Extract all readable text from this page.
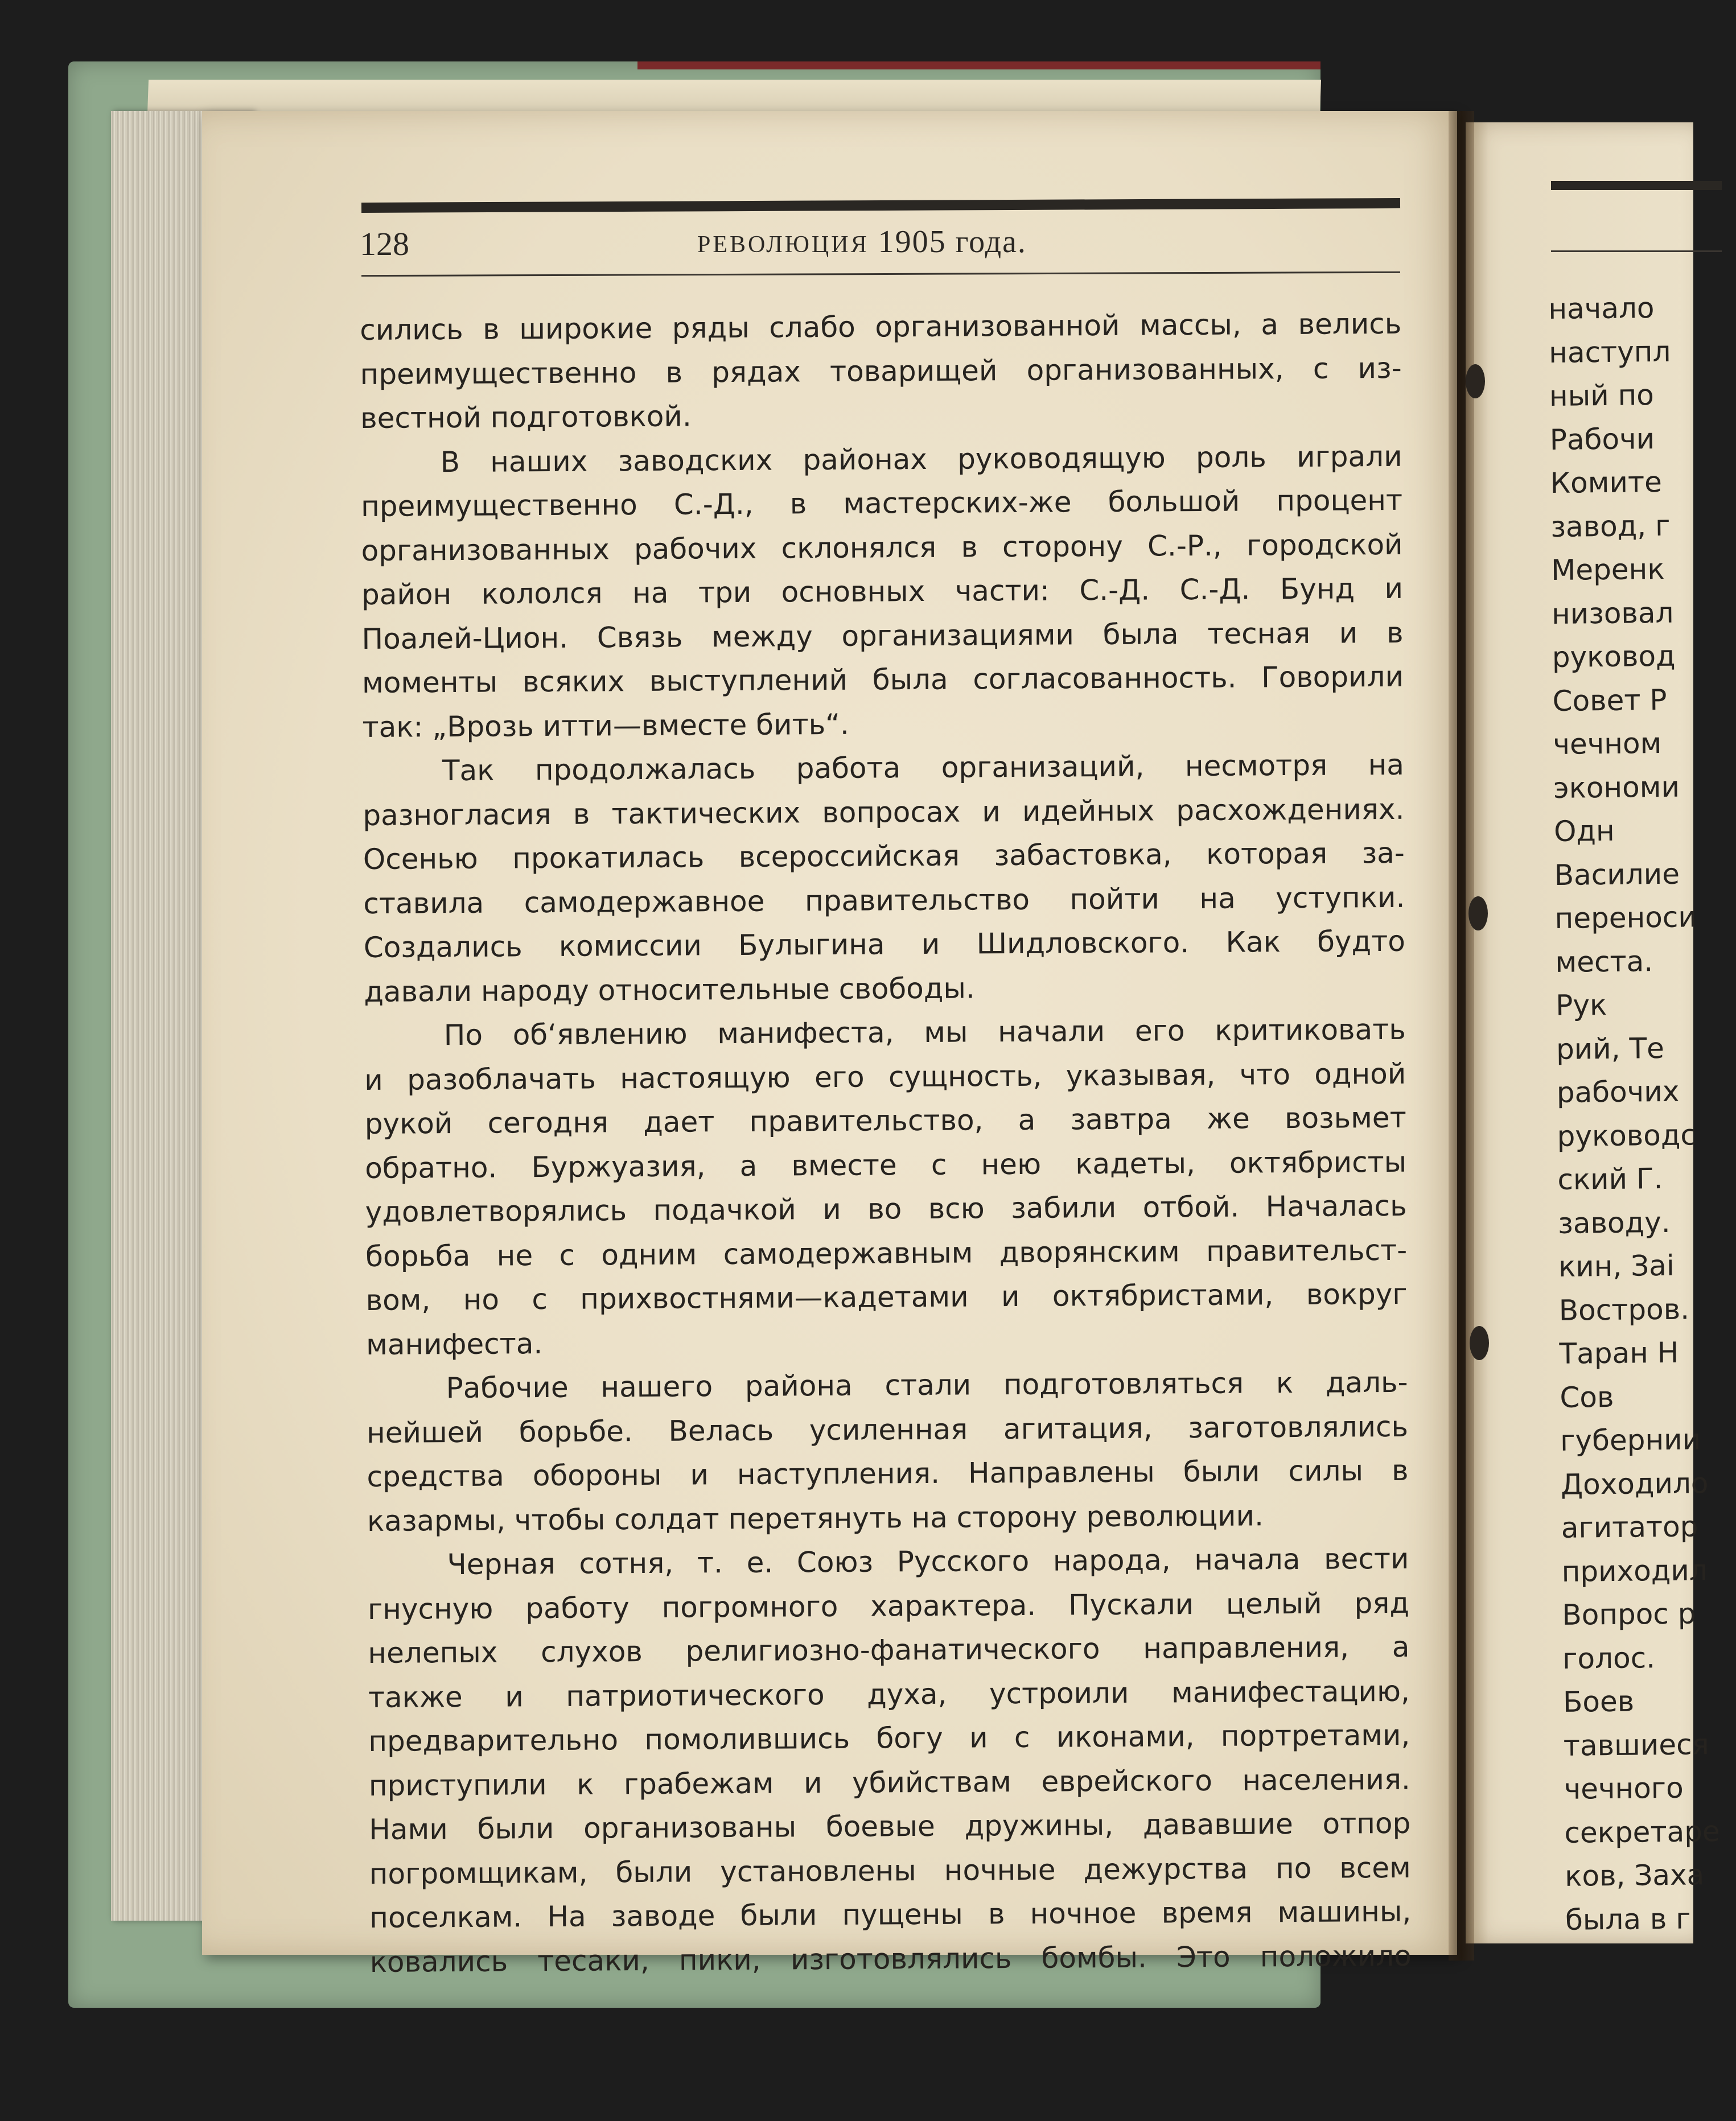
128	РЕВОЛЮЦИЯ 1905 года.
сились в широкие ряды слабо организованной массы, а велись
преимущественно в рядах товарищей организованных, с из-
вестной подготовкой.
В наших заводских районах руководящую роль играли
преимущественно С.-Д., в мастерских-же большой процент
организованных рабочих склонялся в сторону С.-Р., городской
район кололся на три основных части: С.-Д. С.-Д. Бунд и
Поалей-Цион. Связь между организациями была тесная и в
моменты всяких выступлений была согласованность. Говорили
так: „Врозь итти—вместе бить“.
Так продолжалась работа организаций, несмотря на
разногласия в тактических вопросах и идейных расхождениях.
Осенью прокатилась всероссийская забастовка, которая за-
ставила самодержавное правительство пойти на уступки.
Создались комиссии Булыгина и Шидловского. Как будто
давали народу относительные свободы.
По об‘явлению манифеста, мы начали его критиковать
и разоблачать настоящую его сущность, указывая, что одной
рукой сегодня дает правительство, а завтра же возьмет
обратно. Буржуазия, а вместе с нею кадеты, октябристы
удовлетворялись подачкой и во всю забили отбой. Началась
борьба не с одним самодержавным дворянским правительст-
вом, но с прихвостнями—кадетами и октябристами, вокруг
манифеста.
Рабочие нашего района стали подготовляться к даль-
нейшей борьбе. Велась усиленная агитация, заготовлялись
средства обороны и наступления. Направлены были силы в
казармы, чтобы солдат перетянуть на сторону революции.
Черная сотня, т. е. Союз Русского народа, начала вести
гнусную работу погромного характера. Пускали целый ряд
нелепых слухов религиозно-фанатического направления, а
также и патриотического духа, устроили манифестацию,
предварительно помолившись богу и с иконами, портретами,
приступили к грабежам и убийствам еврейского населения.
Нами были организованы боевые дружины, дававшие отпор
погромщикам, были установлены ночные дежурства по всем
поселкам. На заводе были пущены в ночное время машины,
ковались тесаки, пики, изготовлялись бомбы. Это положило
начало
наступл
ный по
Рабочи
Комите
завод, г
Меренк
низовал
руковод
Совет Р
чечном
экономи
Одн
Василие
переноси
места.
Рук
рий, Те
рабочих
руководс
ский Г.
заводу.
кин, Заі
Востров.
Таран Н
Сов
губернии
Доходило
агитатор
приходил
Вопрос р
голос.
Боев
тавшиеся
чечного
секретаре
ков, Заха
была в г
